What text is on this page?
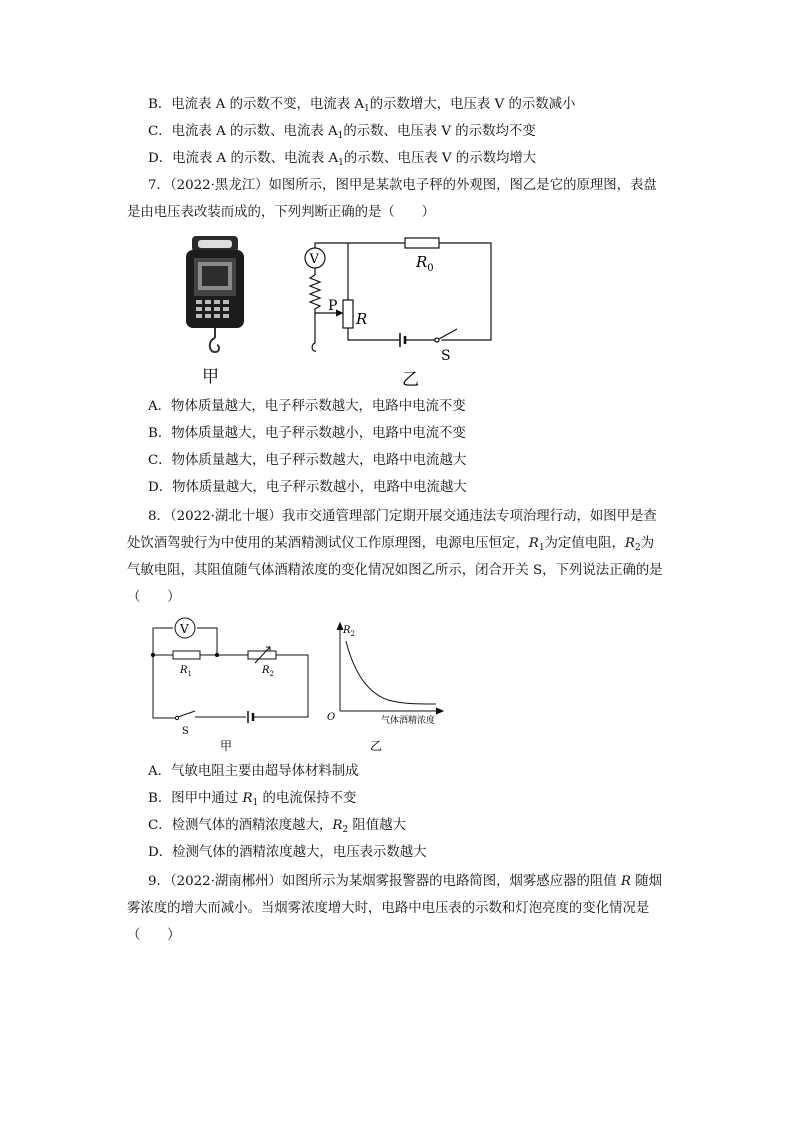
B．电流表 A 的示数不变，电流表 $A_1$的示数增大，电压表 V 的示数减小
C．电流表 A 的示数、电流表 $A_1$的示数、电压表 V 的示数均不变
D．电流表 A 的示数、电流表 $A_1$的示数、电压表 V 的示数均增大
7．（2022·黑龙江）如图所示，图甲是某款电子秤的外观图，图乙是它的原理图，表盘
是由电压表改装而成的，下列判断正确的是（　　）
甲
V	$R_0$
R
P
S
乙
A．物体质量越大，电子秤示数越大，电路中电流不变
B．物体质量越大，电子秤示数越小，电路中电流不变
C．物体质量越大，电子秤示数越大，电路中电流越大
D．物体质量越大，电子秤示数越小，电路中电流越大
8．（2022·湖北十堰）我市交通管理部门定期开展交通违法专项治理行动，如图甲是查
处饮酒驾驶行为中使用的某酒精测试仪工作原理图，电源电压恒定，$R_1$为定值电阻，$R_2$为
气敏电阻，其阻值随气体酒精浓度的变化情况如图乙所示，闭合开关 S，下列说法正确的是
（　　）
V
$R_1$	$R_2$
S
甲
$R_2$
O	气体酒精浓度
乙
A．气敏电阻主要由超导体材料制成
B．图甲中通过 $R_1$ 的电流保持不变
C．检测气体的酒精浓度越大，$R_2$ 阻值越大
D．检测气体的酒精浓度越大，电压表示数越大
9．（2022·湖南郴州）如图所示为某烟雾报警器的电路简图，烟雾感应器的阻值 R 随烟
雾浓度的增大而减小。当烟雾浓度增大时，电路中电压表的示数和灯泡亮度的变化情况是
（　　）
